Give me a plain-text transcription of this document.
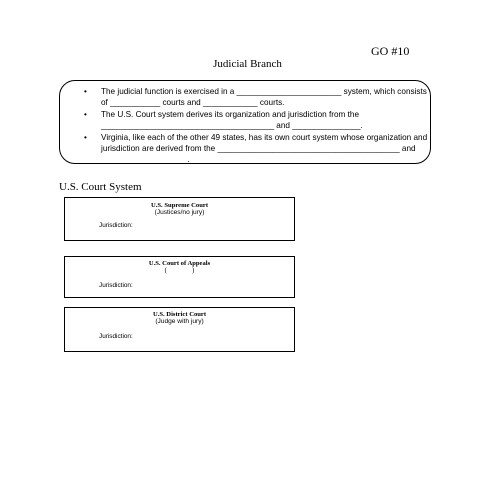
GO #10
Judicial Branch
• The judicial function is exercised in a _______________________ system, which consists of ___________ courts and ____________ courts.
• The U.S. Court system derives its organization and jurisdiction from the ______________________________________ and _______________.
• Virginia, like each of the other 49 states, has its own court system whose organization and jurisdiction are derived from the ________________________________________ and ___________________.
U.S. Court System
U.S. Supreme Court
(Justices/no jury)
Jurisdiction:
U.S. Court of Appeals
(              )
Jurisdiction:
U.S. District Court
(Judge with jury)
Jurisdiction:
